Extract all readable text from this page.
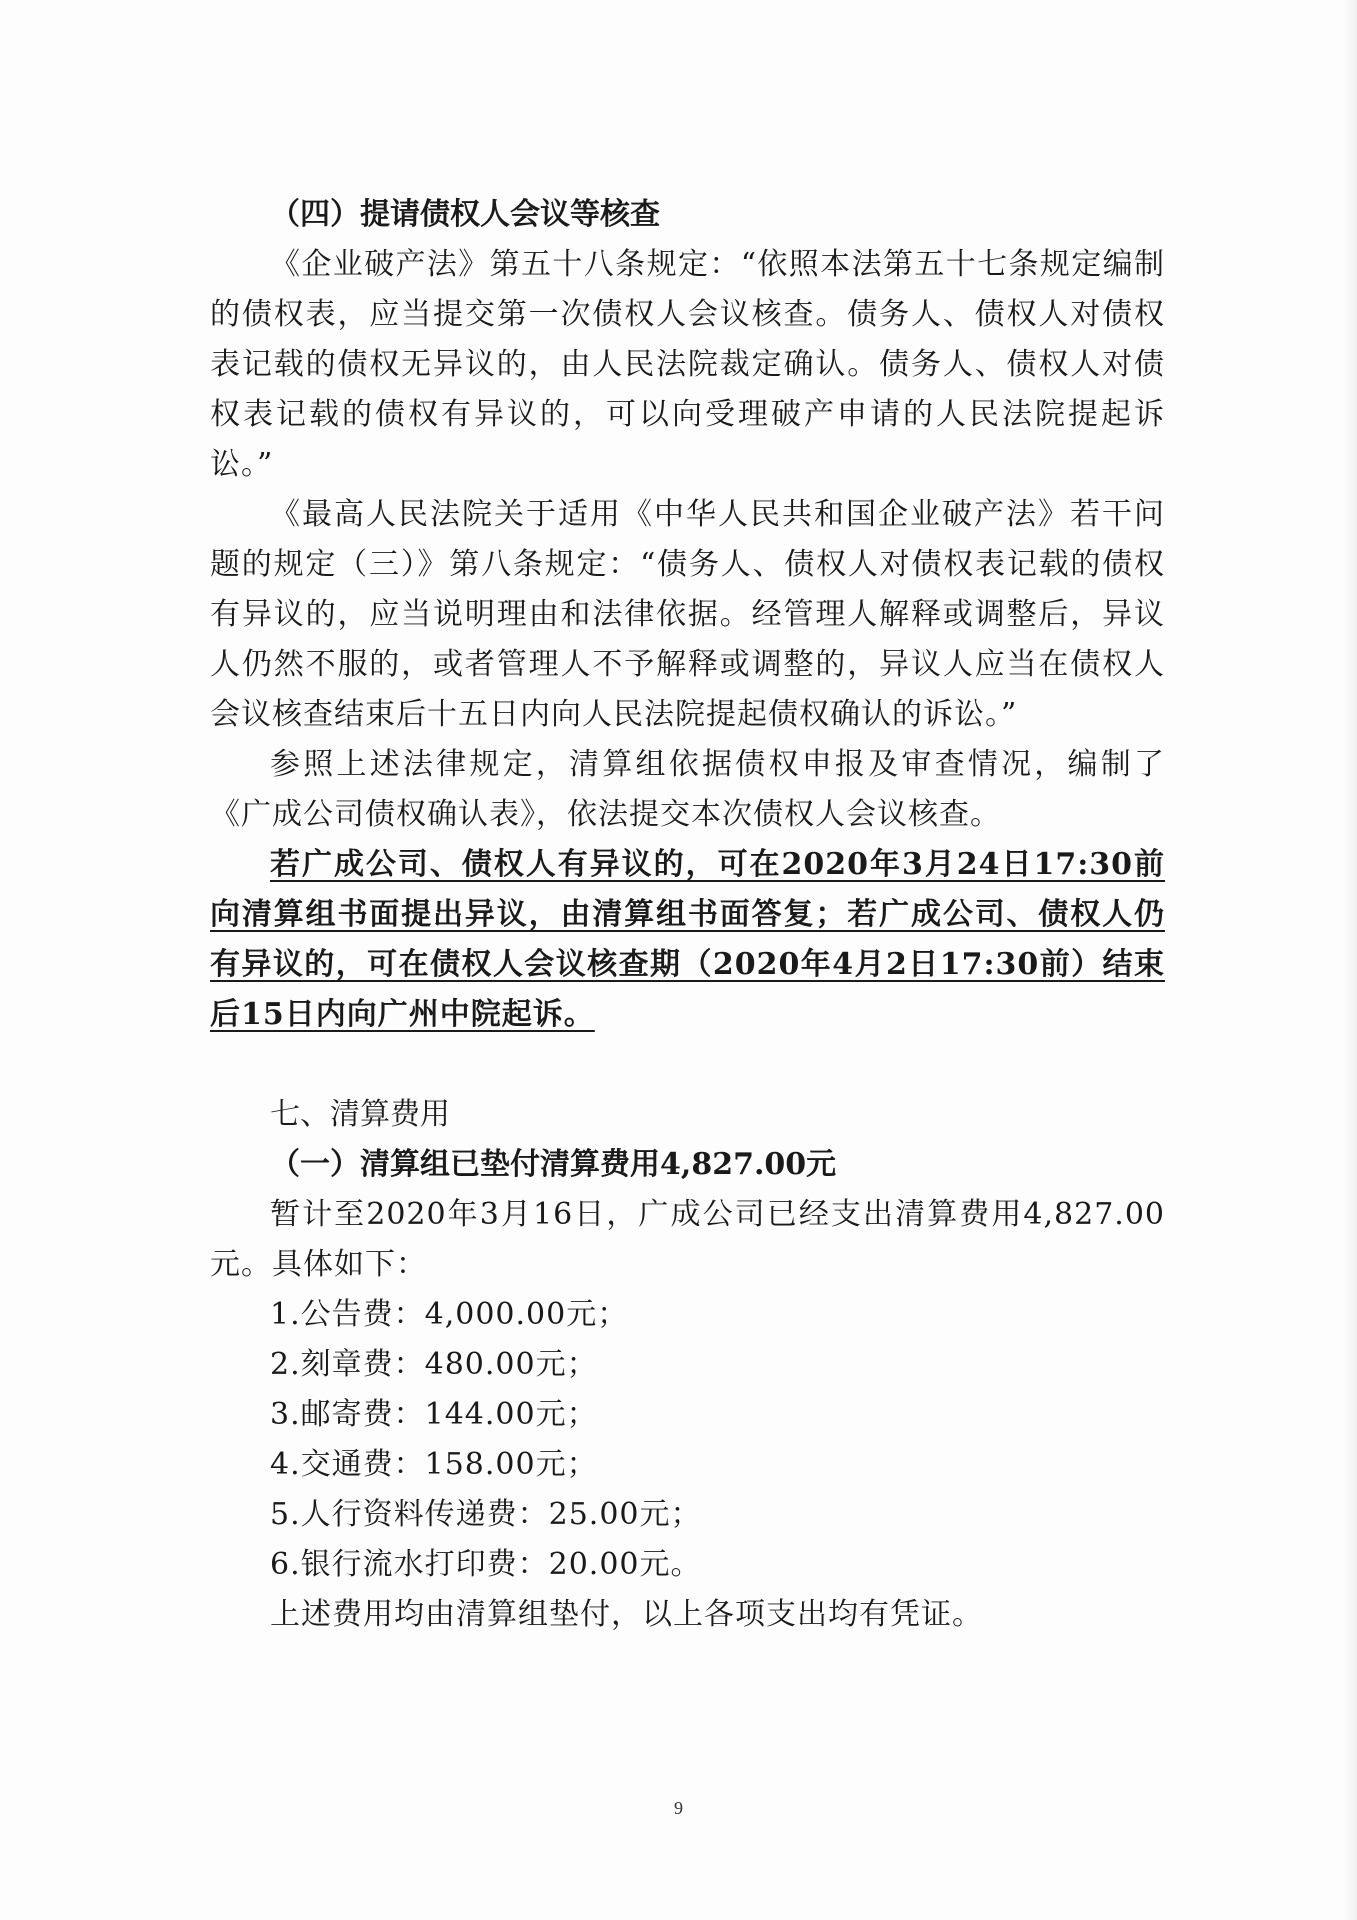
（四）提请债权人会议等核查

《企业破产法》第五十八条规定：“依照本法第五十七条规定编制的债权表，应当提交第一次债权人会议核查。债务人、债权人对债权表记载的债权无异议的，由人民法院裁定确认。债务人、债权人对债权表记载的债权有异议的，可以向受理破产申请的人民法院提起诉讼。”

《最高人民法院关于适用《中华人民共和国企业破产法》若干问题的规定（三）》第八条规定：“债务人、债权人对债权表记载的债权有异议的，应当说明理由和法律依据。经管理人解释或调整后，异议人仍然不服的，或者管理人不予解释或调整的，异议人应当在债权人会议核查结束后十五日内向人民法院提起债权确认的诉讼。”

参照上述法律规定，清算组依据债权申报及审查情况，编制了《广成公司债权确认表》，依法提交本次债权人会议核查。

若广成公司、债权人有异议的，可在2020年3月24日17:30前向清算组书面提出异议，由清算组书面答复；若广成公司、债权人仍有异议的，可在债权人会议核查期（2020年4月2日17:30前）结束后15日内向广州中院起诉。

七、清算费用

（一）清算组已垫付清算费用4,827.00元

暂计至2020年3月16日，广成公司已经支出清算费用4,827.00元。具体如下：

1.公告费：4,000.00元；

2.刻章费：480.00元；

3.邮寄费：144.00元；

4.交通费：158.00元；

5.人行资料传递费：25.00元；

6.银行流水打印费：20.00元。

上述费用均由清算组垫付，以上各项支出均有凭证。

9
